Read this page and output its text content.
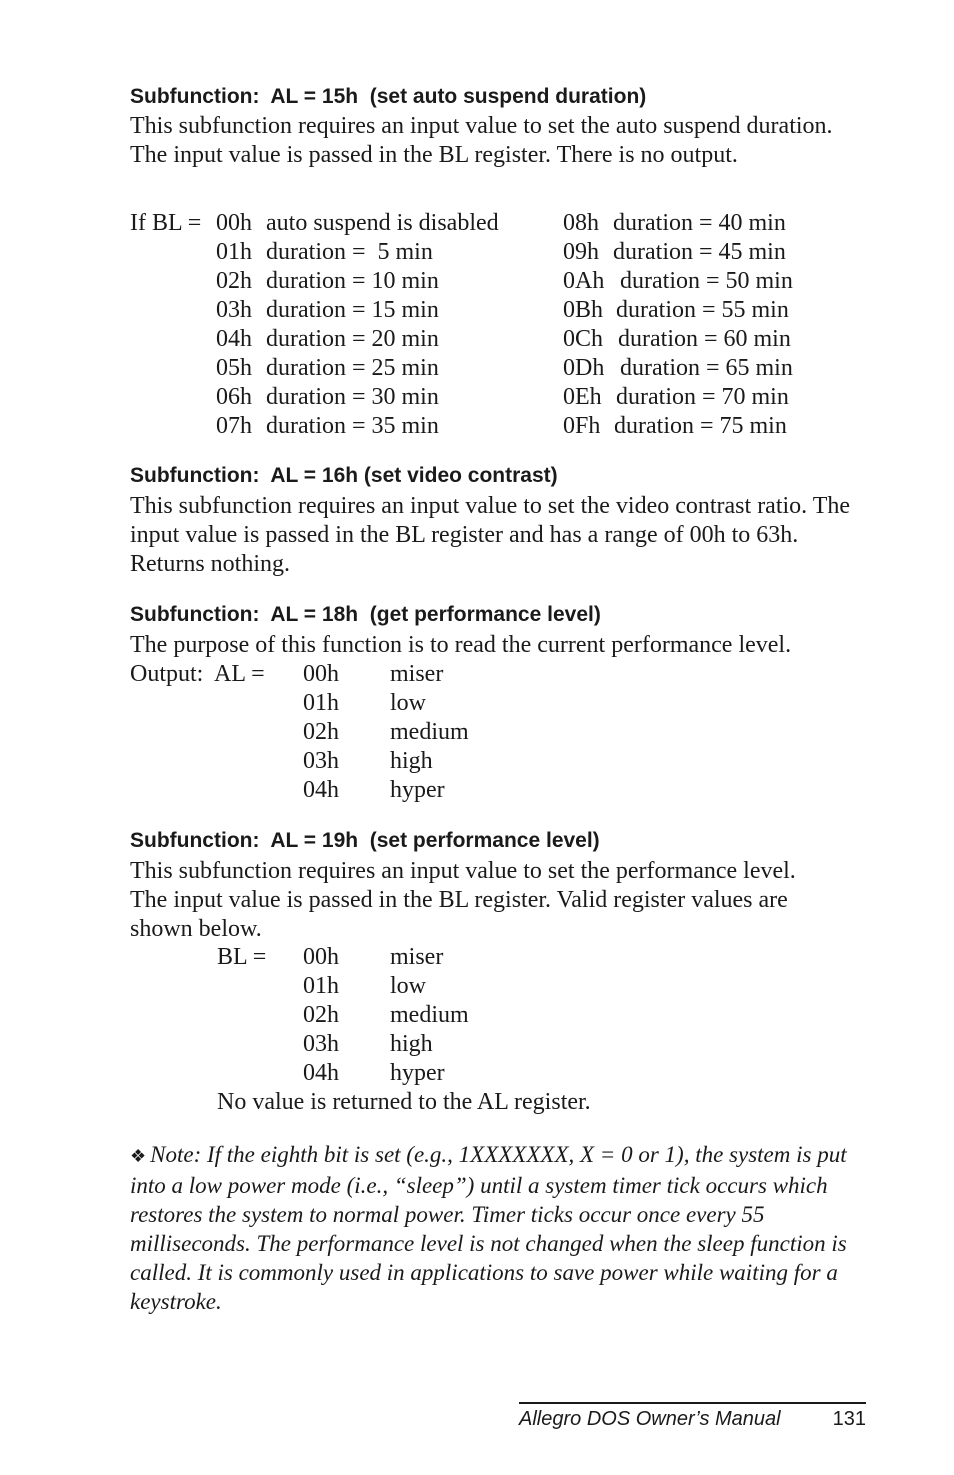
Subfunction:  AL = 15h  (set auto suspend duration)
This subfunction requires an input value to set the auto suspend duration. The input value is passed in the BL register. There is no output.
If BL = 00h auto suspend is disabled
01h duration =  5 min
02h duration = 10 min
03h duration = 15 min
04h duration = 20 min
05h duration = 25 min
06h duration = 30 min
07h duration = 35 min
08h duration = 40 min
09h duration = 45 min
0Ah duration = 50 min
0Bh duration = 55 min
0Ch duration = 60 min
0Dh duration = 65 min
0Eh duration = 70 min
0Fh duration = 75 min
Subfunction:  AL = 16h (set video contrast)
This subfunction requires an input value to set the video contrast ratio. The input value is passed in the BL register and has a range of 00h to 63h. Returns nothing.
Subfunction:  AL = 18h  (get performance level)
The purpose of this function is to read the current performance level.
Output:  AL = 00h miser
01h low
02h medium
03h high
04h hyper
Subfunction:  AL = 19h  (set performance level)
This subfunction requires an input value to set the performance level. The input value is passed in the BL register. Valid register values are shown below.
BL = 00h miser
01h low
02h medium
03h high
04h hyper
No value is returned to the AL register.
❖ Note: If the eighth bit is set (e.g., 1XXXXXXX, X = 0 or 1), the system is put into a low power mode (i.e., “sleep”) until a system timer tick occurs which restores the system to normal power. Timer ticks occur once every 55 milliseconds. The performance level is not changed when the sleep function is called. It is commonly used in applications to save power while waiting for a keystroke.
Allegro DOS Owner’s Manual	131
